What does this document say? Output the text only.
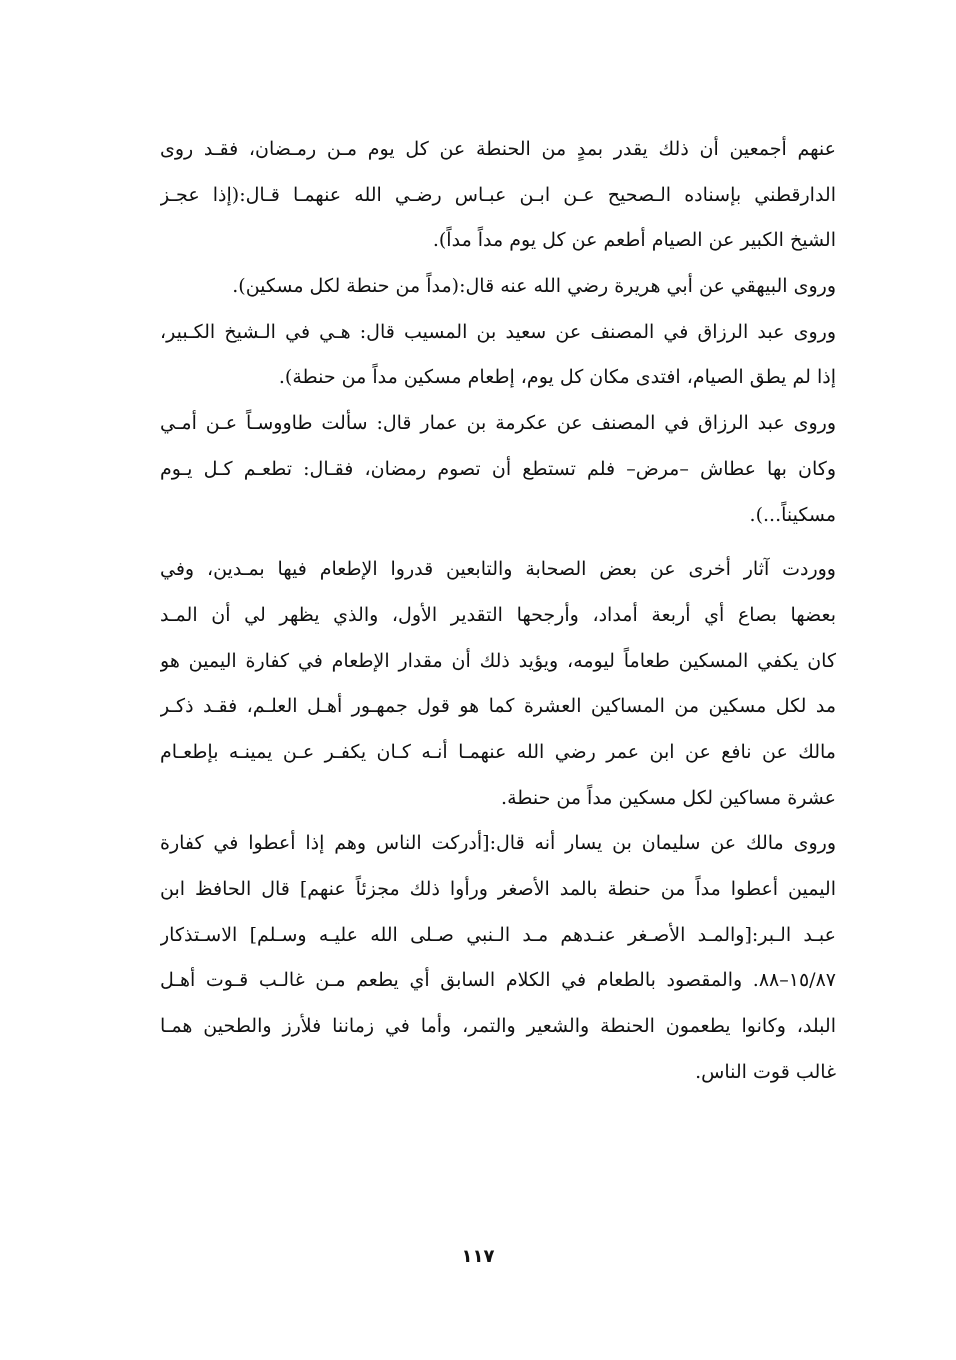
عنهم أجمعين أن ذلك يقدر بمدٍ من الحنطة عن كل يوم مـن رمـضان، فقـد روى
الدارقطني بإسناده الـصحيح عـن ابـن عبـاس رضـي الله عنهمـا قـال:(إذا عجـز
الشيخ الكبير عن الصيام أطعم عن كل يوم مداً مداً).
وروى البيهقي عن أبي هريرة رضي الله عنه قال:(مداً من حنطة لكل مسكين).
وروى عبد الرزاق في المصنف عن سعيد بن المسيب قال: هـي في الـشيخ الكـبير،
إذا لم يطق الصيام، افتدى مكان كل يوم، إطعام مسكين مداً من حنطة).
وروى عبد الرزاق في المصنف عن عكرمة بن عمار قال: سألت طاووسـاً عـن أمـي
وكان بها عطاش –مرض– فلم تستطع أن تصوم رمضان، فقـال: تطعـم كـل يـوم
مسكيناً...).
ووردت آثار أخرى عن بعض الصحابة والتابعين قدروا الإطعام فيها بمـدين، وفي
بعضها بصاع أي أربعة أمداد، وأرجحها التقدير الأول، والذي يظهر لي أن المـد
كان يكفي المسكين طعاماً ليومه، ويؤيد ذلك أن مقدار الإطعام في كفارة اليمين هو
مد لكل مسكين من المساكين العشرة كما هو قول جمهـور أهـل العلـم، فقـد ذكـر
مالك عن نافع عن ابن عمر رضي الله عنهمـا أنـه كـان يكفـر عـن يمينـه بإطعـام
عشرة مساكين لكل مسكين مداً من حنطة.
وروى مالك عن سليمان بن يسار أنه قال:[أدركت الناس وهم إذا أعطوا في كفارة
اليمين أعطوا مداً من حنطة بالمد الأصغر ورأوا ذلك مجزئاً عنهم] قال الحافظ ابن
عبـد الـبر:[والمـد الأصـغر عنـدهم مـد الـنبي صـلى الله عليـه وسـلم] الاسـتذكار
١٥/٨٧–٨٨. والمقصود بالطعام في الكلام السابق أي يطعم مـن غالـب قـوت أهـل
البلد، وكانوا يطعمون الحنطة والشعير والتمر، وأما في زماننا فلأرز والطحين همـا
غالب قوت الناس.
١١٧
